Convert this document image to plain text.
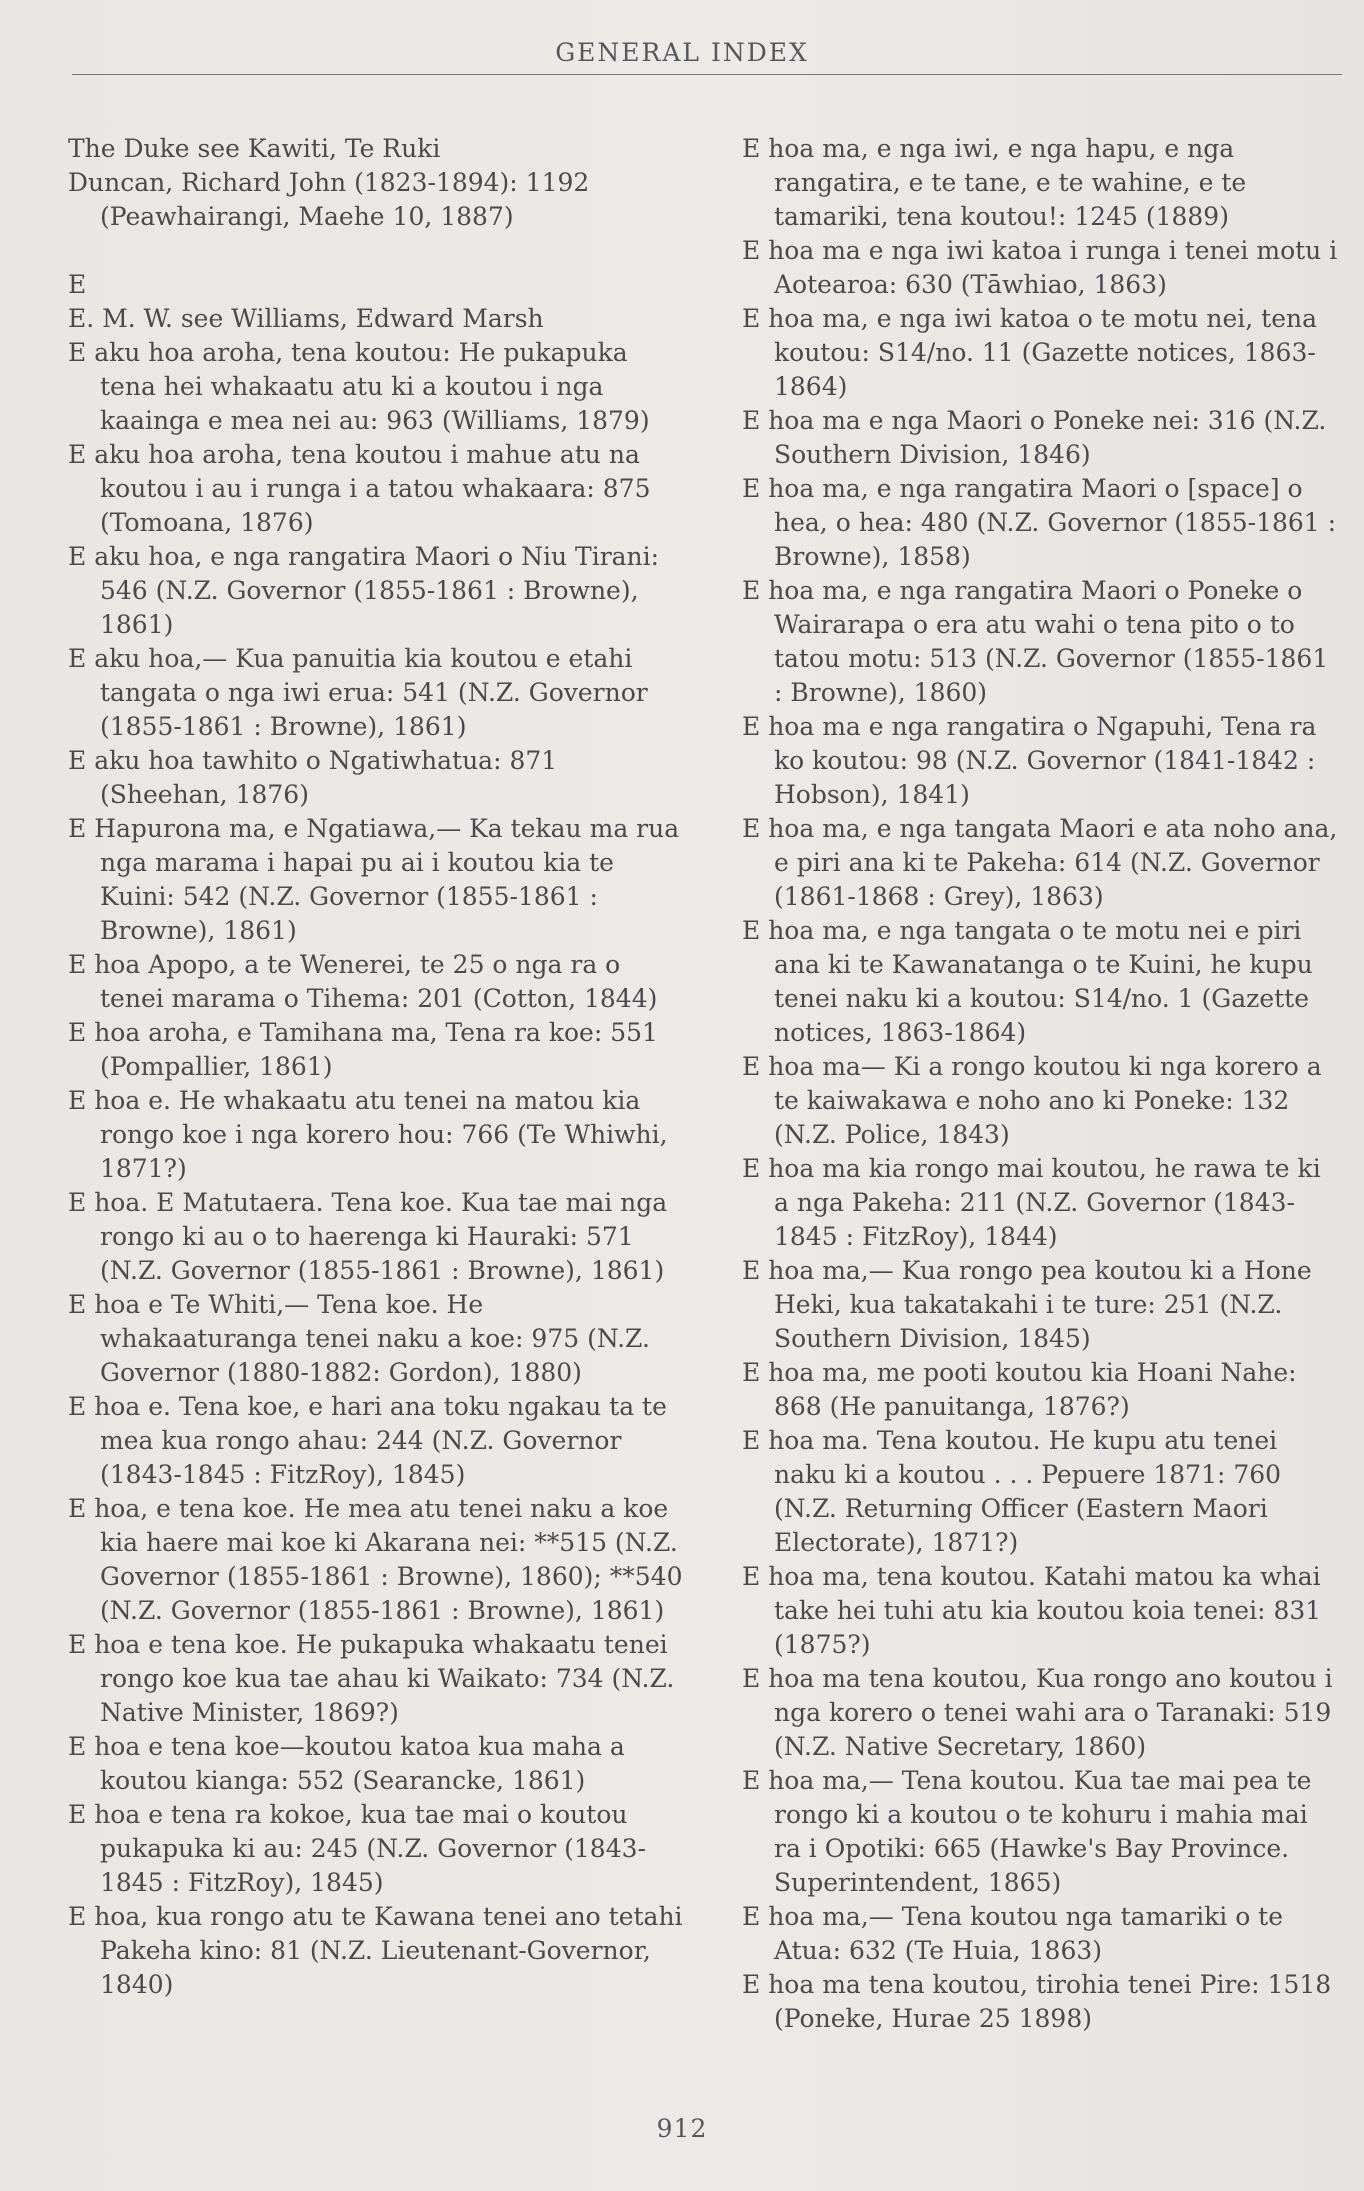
GENERAL INDEX

The Duke see Kawiti, Te Ruki

Duncan, Richard John (1823-1894): 1192 (Peawhairangi, Maehe 10, 1887)

E

E. M. W. see Williams, Edward Marsh

E aku hoa aroha, tena koutou: He pukapuka tena hei whakaatu atu ki a koutou i nga kaainga e mea nei au: 963 (Williams, 1879)

E aku hoa aroha, tena koutou i mahue atu na koutou i au i runga i a tatou whakaara: 875 (Tomoana, 1876)

E aku hoa, e nga rangatira Maori o Niu Tirani: 546 (N.Z. Governor (1855-1861 : Browne), 1861)

E aku hoa,— Kua panuitia kia koutou e etahi tangata o nga iwi erua: 541 (N.Z. Governor (1855-1861 : Browne), 1861)

E aku hoa tawhito o Ngatiwhatua: 871 (Sheehan, 1876)

E Hapurona ma, e Ngatiawa,— Ka tekau ma rua nga marama i hapai pu ai i koutou kia te Kuini: 542 (N.Z. Governor (1855-1861 : Browne), 1861)

E hoa Apopo, a te Wenerei, te 25 o nga ra o tenei marama o Tihema: 201 (Cotton, 1844)

E hoa aroha, e Tamihana ma, Tena ra koe: 551 (Pompallier, 1861)

E hoa e. He whakaatu atu tenei na matou kia rongo koe i nga korero hou: 766 (Te Whiwhi, 1871?)

E hoa. E Matutaera. Tena koe. Kua tae mai nga rongo ki au o to haerenga ki Hauraki: 571 (N.Z. Governor (1855-1861 : Browne), 1861)

E hoa e Te Whiti,— Tena koe. He whakaaturanga tenei naku a koe: 975 (N.Z. Governor (1880-1882: Gordon), 1880)

E hoa e. Tena koe, e hari ana toku ngakau ta te mea kua rongo ahau: 244 (N.Z. Governor (1843-1845 : FitzRoy), 1845)

E hoa, e tena koe. He mea atu tenei naku a koe kia haere mai koe ki Akarana nei: **515 (N.Z. Governor (1855-1861 : Browne), 1860); **540 (N.Z. Governor (1855-1861 : Browne), 1861)

E hoa e tena koe. He pukapuka whakaatu tenei rongo koe kua tae ahau ki Waikato: 734 (N.Z. Native Minister, 1869?)

E hoa e tena koe—koutou katoa kua maha a koutou kianga: 552 (Searancke, 1861)

E hoa e tena ra kokoe, kua tae mai o koutou pukapuka ki au: 245 (N.Z. Governor (1843-1845 : FitzRoy), 1845)

E hoa, kua rongo atu te Kawana tenei ano tetahi Pakeha kino: 81 (N.Z. Lieutenant-Governor, 1840)

E hoa ma, e nga iwi, e nga hapu, e nga rangatira, e te tane, e te wahine, e te tamariki, tena koutou!: 1245 (1889)

E hoa ma e nga iwi katoa i runga i tenei motu i Aotearoa: 630 (Tāwhiao, 1863)

E hoa ma, e nga iwi katoa o te motu nei, tena koutou: S14/no. 11 (Gazette notices, 1863-1864)

E hoa ma e nga Maori o Poneke nei: 316 (N.Z. Southern Division, 1846)

E hoa ma, e nga rangatira Maori o [space] o hea, o hea: 480 (N.Z. Governor (1855-1861 : Browne), 1858)

E hoa ma, e nga rangatira Maori o Poneke o Wairarapa o era atu wahi o tena pito o to tatou motu: 513 (N.Z. Governor (1855-1861 : Browne), 1860)

E hoa ma e nga rangatira o Ngapuhi, Tena ra ko koutou: 98 (N.Z. Governor (1841-1842 : Hobson), 1841)

E hoa ma, e nga tangata Maori e ata noho ana, e piri ana ki te Pakeha: 614 (N.Z. Governor (1861-1868 : Grey), 1863)

E hoa ma, e nga tangata o te motu nei e piri ana ki te Kawanatanga o te Kuini, he kupu tenei naku ki a koutou: S14/no. 1 (Gazette notices, 1863-1864)

E hoa ma— Ki a rongo koutou ki nga korero a te kaiwakawa e noho ano ki Poneke: 132 (N.Z. Police, 1843)

E hoa ma kia rongo mai koutou, he rawa te ki a nga Pakeha: 211 (N.Z. Governor (1843-1845 : FitzRoy), 1844)

E hoa ma,— Kua rongo pea koutou ki a Hone Heki, kua takatakahi i te ture: 251 (N.Z. Southern Division, 1845)

E hoa ma, me pooti koutou kia Hoani Nahe: 868 (He panuitanga, 1876?)

E hoa ma. Tena koutou. He kupu atu tenei naku ki a koutou . . . Pepuere 1871: 760 (N.Z. Returning Officer (Eastern Maori Electorate), 1871?)

E hoa ma, tena koutou. Katahi matou ka whai take hei tuhi atu kia koutou koia tenei: 831 (1875?)

E hoa ma tena koutou, Kua rongo ano koutou i nga korero o tenei wahi ara o Taranaki: 519 (N.Z. Native Secretary, 1860)

E hoa ma,— Tena koutou. Kua tae mai pea te rongo ki a koutou o te kohuru i mahia mai ra i Opotiki: 665 (Hawke's Bay Province. Superintendent, 1865)

E hoa ma,— Tena koutou nga tamariki o te Atua: 632 (Te Huia, 1863)

E hoa ma tena koutou, tirohia tenei Pire: 1518 (Poneke, Hurae 25 1898)

912
